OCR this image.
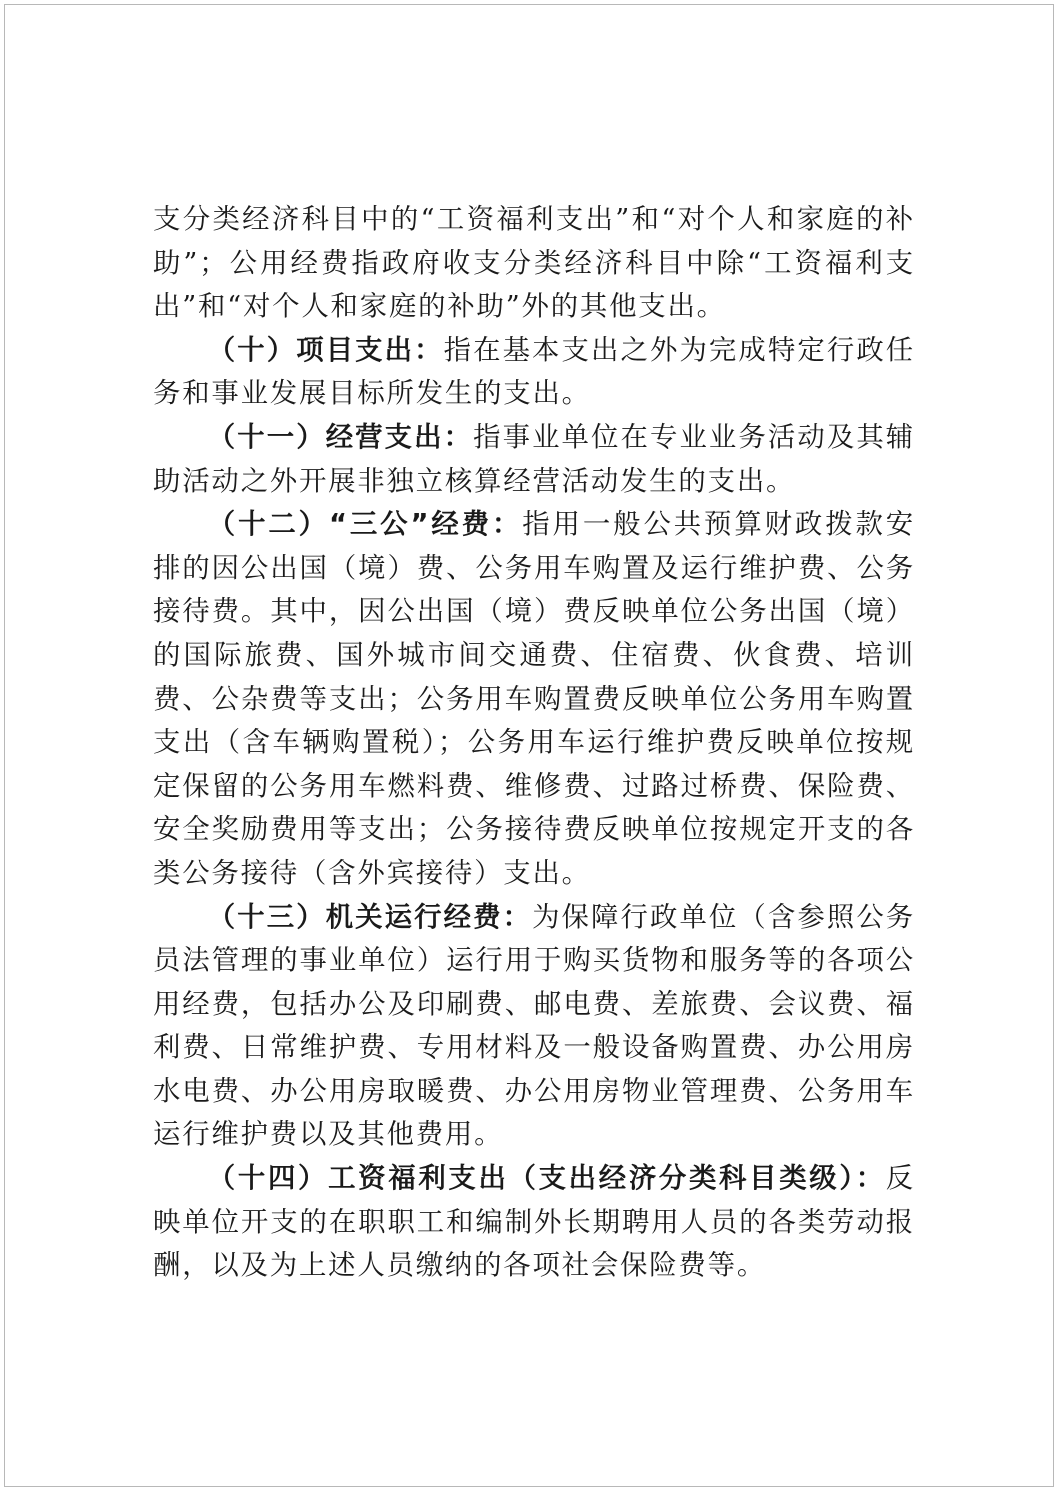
支分类经济科目中的“工资福利支出”和“对个人和家庭的补助”；公用经费指政府收支分类经济科目中除“工资福利支出”和“对个人和家庭的补助”外的其他支出。

（十）项目支出：指在基本支出之外为完成特定行政任务和事业发展目标所发生的支出。

（十一）经营支出：指事业单位在专业业务活动及其辅助活动之外开展非独立核算经营活动发生的支出。

（十二）“三公”经费：指用一般公共预算财政拨款安排的因公出国（境）费、公务用车购置及运行维护费、公务接待费。其中，因公出国（境）费反映单位公务出国（境）的国际旅费、国外城市间交通费、住宿费、伙食费、培训费、公杂费等支出；公务用车购置费反映单位公务用车购置支出（含车辆购置税）；公务用车运行维护费反映单位按规定保留的公务用车燃料费、维修费、过路过桥费、保险费、安全奖励费用等支出；公务接待费反映单位按规定开支的各类公务接待（含外宾接待）支出。

（十三）机关运行经费：为保障行政单位（含参照公务员法管理的事业单位）运行用于购买货物和服务等的各项公用经费，包括办公及印刷费、邮电费、差旅费、会议费、福利费、日常维护费、专用材料及一般设备购置费、办公用房水电费、办公用房取暖费、办公用房物业管理费、公务用车运行维护费以及其他费用。

（十四）工资福利支出（支出经济分类科目类级）：反映单位开支的在职职工和编制外长期聘用人员的各类劳动报酬，以及为上述人员缴纳的各项社会保险费等。
